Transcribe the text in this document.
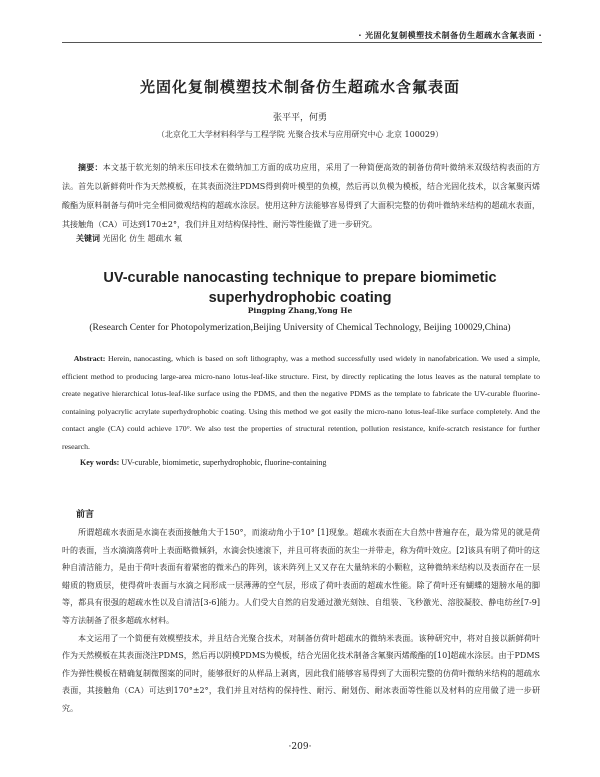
· 光固化复制模塑技术制备仿生超疏水含氟表面 ·
光固化复制模塑技术制备仿生超疏水含氟表面
张平平，何勇
（北京化工大学材料科学与工程学院 光聚合技术与应用研究中心 北京 100029）
摘要：本文基于软光刻的纳米压印技术在微纳加工方面的成功应用，采用了一种简便高效的制备仿荷叶微纳米双级结构表面的方法。首先以新鲜荷叶作为天然模板，在其表面浇注PDMS得到荷叶模型的负模，然后再以负模为模板，结合光固化技术，以含氟聚丙烯酸酯为原料制备与荷叶完全相同微观结构的超疏水涂层。使用这种方法能够容易得到了大面积完整的仿荷叶微纳米结构的超疏水表面，其接触角（CA）可达到170±2°，我们并且对结构保持性、耐污等性能做了进一步研究。
关键词 光固化 仿生 超疏水 氟
UV-curable nanocasting technique to prepare biomimetic superhydrophobic coating
Pingping Zhang,Yong He
(Research Center for Photopolymerization,Beijing University of Chemical Technology, Beijing 100029,China)
Abstract: Herein, nanocasting, which is based on soft lithography, was a method successfully used widely in nanofabrication. We used a simple, efficient method to producing large-area micro-nano lotus-leaf-like structure. First, by directly replicating the lotus leaves as the natural template to create negative hierarchical lotus-leaf-like surface using the PDMS, and then the negative PDMS as the template to fabricate the UV-curable fluorine-containing polyacrylic acrylate superhydrophobic coating. Using this method we got easily the micro-nano lotus-leaf-like surface completely. And the contact angle (CA) could achieve 170°. We also test the properties of structural retention, pollution resistance, knife-scratch resistance for further research.
Key words: UV-curable, biomimetic, superhydrophobic, fluorine-containing
前言

所谓超疏水表面是水滴在表面接触角大于150°，而滚动角小于10° [1]现象。超疏水表面在大自然中普遍存在，最为常见的就是荷叶的表面，当水滴滴落荷叶上表面略微倾斜，水滴会快速滚下，并且可将表面的灰尘一并带走，称为荷叶效应。[2]该具有明了荷叶的这种自清洁能力，是由于荷叶表面有着紧密的微米凸的阵列，该米阵列上又又存在大量纳米的小颗粒，这种微纳米结构以及表面存在一层蜡质的物质层，使得荷叶表面与水滴之间形成一层薄薄的空气层，形成了荷叶表面的超疏水性能。除了荷叶还有蝴蝶的翅膀水黾的脚等，都具有很强的超疏水性以及自清洁[3-6]能力。人们受大自然的启发通过激光刻蚀、自组装、飞秒激光、溶胶凝胶、静电纺丝[7-9]等方法制备了很多超疏水材料。

本文运用了一个简便有效模塑技术，并且结合光聚合技术，对制备仿荷叶超疏水的微纳米表面。该种研究中，将对自接以新鲜荷叶作为天然模板在其表面浇注PDMS，然后再以阴模PDMS为模板，结合光固化技术制备含氟聚丙烯酸酯的[10]超疏水涂层。由于PDMS作为弹性模板在精确复制微图案的同时，能够很好的从样品上剥离，因此我们能够容易得到了大面积完整的仿荷叶微纳米结构的超疏水表面，其接触角（CA）可达到170°±2°，我们并且对结构的保持性、耐污、耐划伤、耐冰表面等性能以及材料的应用做了进一步研究。

·209·
